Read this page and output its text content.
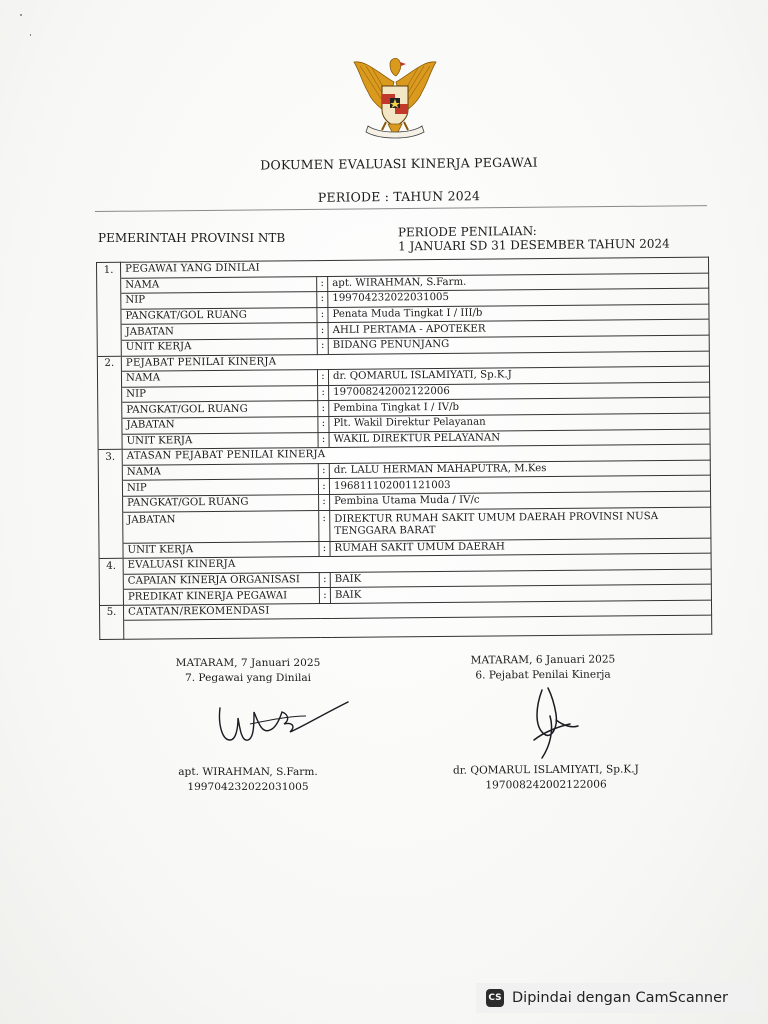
DOKUMEN EVALUASI KINERJA PEGAWAI
PERIODE : TAHUN 2024
PEMERINTAH PROVINSI NTB	PERIODE PENILAIAN:
1 JANUARI SD 31 DESEMBER TAHUN 2024
1.	PEGAWAI YANG DINILAI		
	NAMA	:	apt. WIRAHMAN, S.Farm.
	NIP	:	199704232022031005
	PANGKAT/GOL RUANG	:	Penata Muda Tingkat I / III/b
	JABATAN	:	AHLI PERTAMA - APOTEKER
	UNIT KERJA	:	BIDANG PENUNJANG
2.	PEJABAT PENILAI KINERJA		
	NAMA	:	dr. QOMARUL ISLAMIYATI, Sp.K.J
	NIP	:	197008242002122006
	PANGKAT/GOL RUANG	:	Pembina Tingkat I / IV/b
	JABATAN	:	Plt. Wakil Direktur Pelayanan
	UNIT KERJA	:	WAKIL DIREKTUR PELAYANAN
3.	ATASAN PEJABAT PENILAI KINERJA		
	NAMA	:	dr. LALU HERMAN MAHAPUTRA, M.Kes
	NIP	:	196811102001121003
	PANGKAT/GOL RUANG	:	Pembina Utama Muda / IV/c
	JABATAN	:	DIREKTUR RUMAH SAKIT UMUM DAERAH PROVINSI NUSA TENGGARA BARAT
	UNIT KERJA	:	RUMAH SAKIT UMUM DAERAH
4.	EVALUASI KINERJA		
	CAPAIAN KINERJA ORGANISASI	:	BAIK
	PREDIKAT KINERJA PEGAWAI	:	BAIK
5.	CATATAN/REKOMENDASI		

MATARAM, 7 Januari 2025
7. Pegawai yang Dinilai
apt. WIRAHMAN, S.Farm.
199704232022031005
MATARAM, 6 Januari 2025
6. Pejabat Penilai Kinerja
dr. QOMARUL ISLAMIYATI, Sp.K.J
197008242002122006
CS Dipindai dengan CamScanner
